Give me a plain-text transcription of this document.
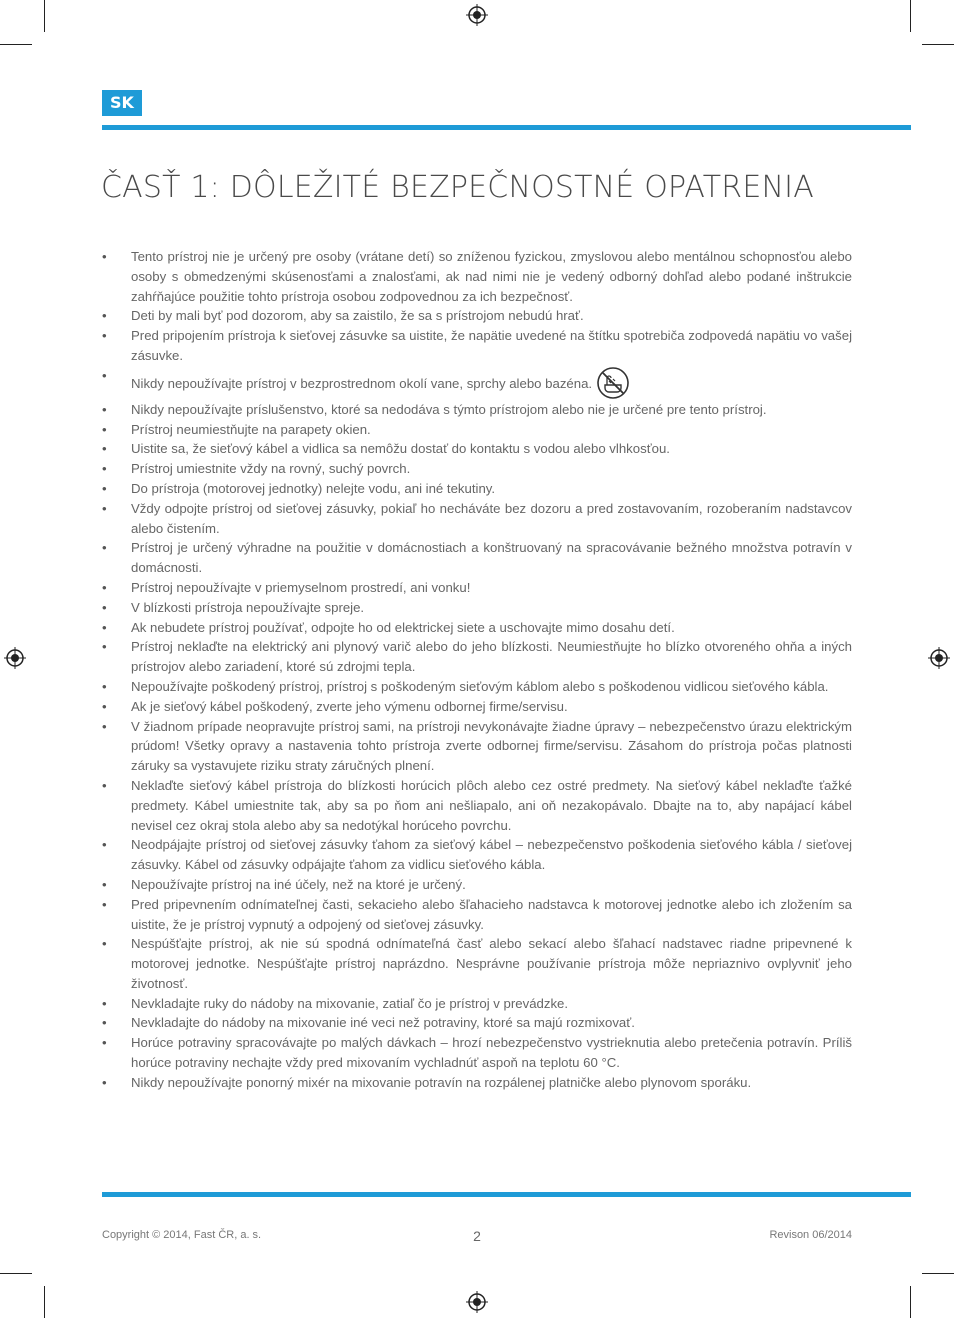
SK
ČASŤ 1: DÔLEŽITÉ BEZPEČNOSTNÉ OPATRENIA
• Tento prístroj nie je určený pre osoby (vrátane detí) so zníženou fyzickou, zmyslovou alebo mentálnou schopnosťou alebo osoby s obmedzenými skúsenosťami a znalosťami, ak nad nimi nie je vedený odborný dohľad alebo podané inštrukcie zahŕňajúce použitie tohto prístroja osobou zodpovednou za ich bezpečnosť.
• Deti by mali byť pod dozorom, aby sa zaistilo, že sa s prístrojom nebudú hrať.
• Pred pripojením prístroja k sieťovej zásuvke sa uistite, že napätie uvedené na štítku spotrebiča zodpovedá napätiu vo vašej zásuvke.
• Nikdy nepoužívajte prístroj v bezprostrednom okolí vane, sprchy alebo bazéna.
• Nikdy nepoužívajte príslušenstvo, ktoré sa nedodáva s týmto prístrojom alebo nie je určené pre tento prístroj.
• Prístroj neumiestňujte na parapety okien.
• Uistite sa, že sieťový kábel a vidlica sa nemôžu dostať do kontaktu s vodou alebo vlhkosťou.
• Prístroj umiestnite vždy na rovný, suchý povrch.
• Do prístroja (motorovej jednotky) nelejte vodu, ani iné tekutiny.
• Vždy odpojte prístroj od sieťovej zásuvky, pokiaľ ho necháváte bez dozoru a pred zostavovaním, rozoberaním nadstavcov alebo čistením.
• Prístroj je určený výhradne na použitie v domácnostiach a konštruovaný na spracovávanie bežného množstva potravín v domácnosti.
• Prístroj nepoužívajte v priemyselnom prostredí, ani vonku!
• V blízkosti prístroja nepoužívajte spreje.
• Ak nebudete prístroj používať, odpojte ho od elektrickej siete a uschovajte mimo dosahu detí.
• Prístroj neklaďte na elektrický ani plynový varič alebo do jeho blízkosti. Neumiestňujte ho blízko otvoreného ohňa a iných prístrojov alebo zariadení, ktoré sú zdrojmi tepla.
• Nepoužívajte poškodený prístroj, prístroj s poškodeným sieťovým káblom alebo s poškodenou vidlicou sieťového kábla.
• Ak je sieťový kábel poškodený, zverte jeho výmenu odbornej firme/servisu.
• V žiadnom prípade neopravujte prístroj sami, na prístroji nevykonávajte žiadne úpravy – nebezpečenstvo úrazu elektrickým prúdom! Všetky opravy a nastavenia tohto prístroja zverte odbornej firme/servisu. Zásahom do prístroja počas platnosti záruky sa vystavujete riziku straty záručných plnení.
• Neklaďte sieťový kábel prístroja do blízkosti horúcich plôch alebo cez ostré predmety. Na sieťový kábel neklaďte ťažké predmety. Kábel umiestnite tak, aby sa po ňom ani nešliapalo, ani oň nezakopávalo. Dbajte na to, aby napájací kábel nevisel cez okraj stola alebo aby sa nedotýkal horúceho povrchu.
• Neodpájajte prístroj od sieťovej zásuvky ťahom za sieťový kábel – nebezpečenstvo poškodenia sieťového kábla / sieťovej zásuvky. Kábel od zásuvky odpájajte ťahom za vidlicu sieťového kábla.
• Nepoužívajte prístroj na iné účely, než na ktoré je určený.
• Pred pripevnením odnímateľnej časti, sekacieho alebo šľahacieho nadstavca k motorovej jednotke alebo ich zložením sa uistite, že je prístroj vypnutý a odpojený od sieťovej zásuvky.
• Nespúšťajte prístroj, ak nie sú spodná odnímateľná časť alebo sekací alebo šľahací nadstavec riadne pripevnené k motorovej jednotke. Nespúšťajte prístroj naprázdno. Nesprávne používanie prístroja môže nepriaznivo ovplyvniť jeho životnosť.
• Nevkladajte ruky do nádoby na mixovanie, zatiaľ čo je prístroj v prevádzke.
• Nevkladajte do nádoby na mixovanie iné veci než potraviny, ktoré sa majú rozmixovať.
• Horúce potraviny spracovávajte po malých dávkach – hrozí nebezpečenstvo vystrieknutia alebo pretečenia potravín. Príliš horúce potraviny nechajte vždy pred mixovaním vychladnúť aspoň na teplotu 60 °C.
• Nikdy nepoužívajte ponorný mixér na mixovanie potravín na rozpálenej platničke alebo plynovom sporáku.
Copyright © 2014, Fast ČR, a. s.	2	Revison 06/2014
